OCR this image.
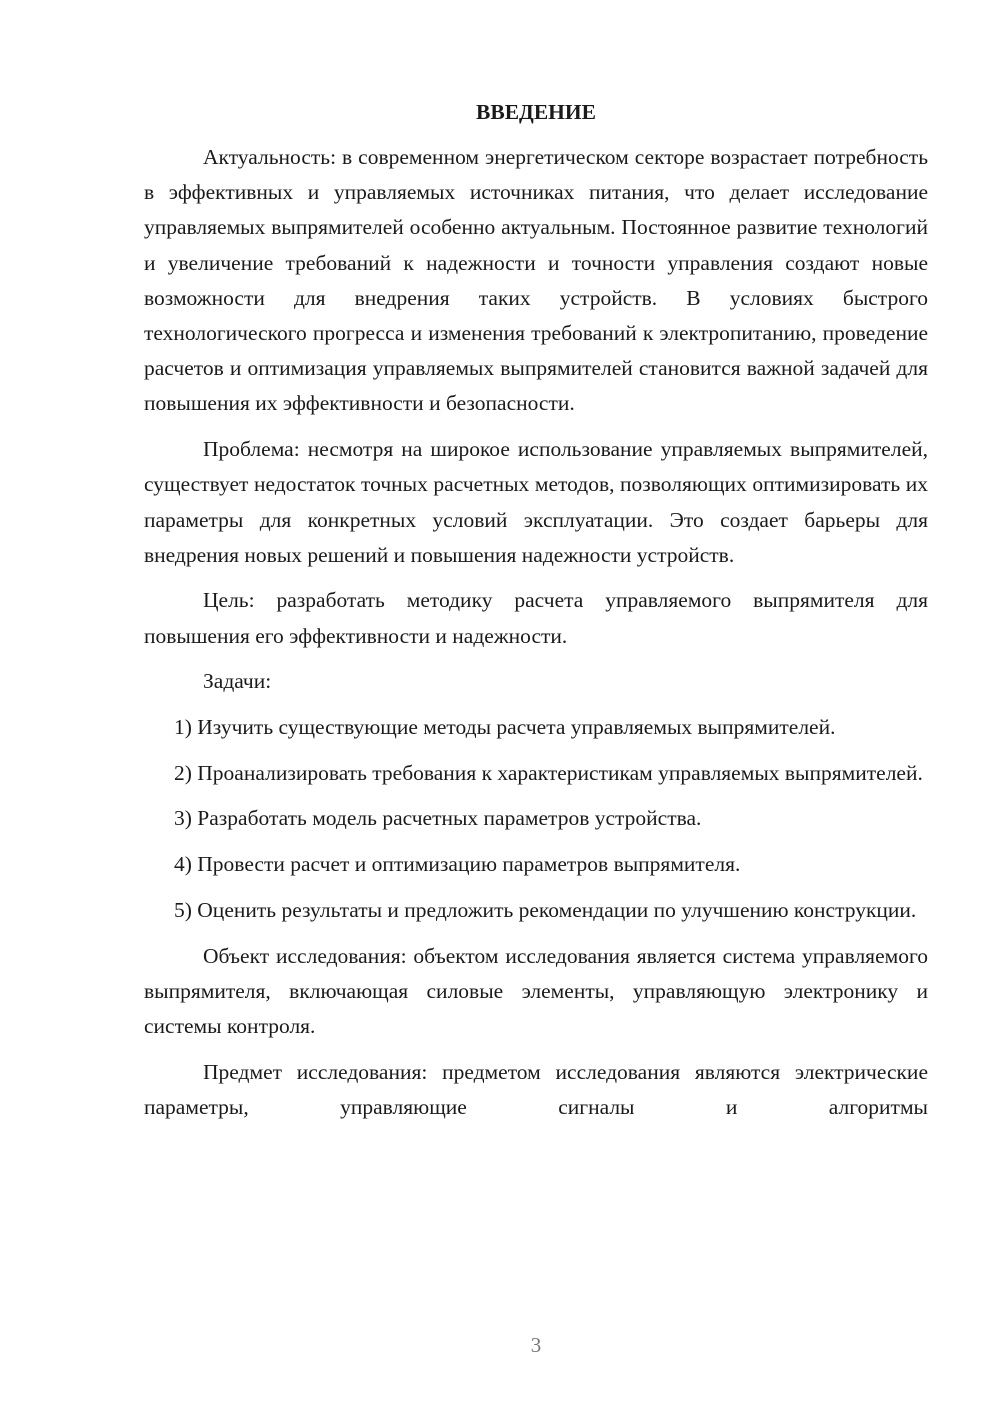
ВВЕДЕНИЕ

Актуальность: в современном энергетическом секторе возрастает потребность в эффективных и управляемых источниках питания, что делает исследование управляемых выпрямителей особенно актуальным. Постоянное развитие технологий и увеличение требований к надежности и точности управления создают новые возможности для внедрения таких устройств. В условиях быстрого технологического прогресса и изменения требований к электропитанию, проведение расчетов и оптимизация управляемых выпрямителей становится важной задачей для повышения их эффективности и безопасности.

Проблема: несмотря на широкое использование управляемых выпрямителей, существует недостаток точных расчетных методов, позволяющих оптимизировать их параметры для конкретных условий эксплуатации. Это создает барьеры для внедрения новых решений и повышения надежности устройств.

Цель: разработать методику расчета управляемого выпрямителя для повышения его эффективности и надежности.

Задачи:

1) Изучить существующие методы расчета управляемых выпрямителей.

2) Проанализировать требования к характеристикам управляемых выпрямителей.

3) Разработать модель расчетных параметров устройства.

4) Провести расчет и оптимизацию параметров выпрямителя.

5) Оценить результаты и предложить рекомендации по улучшению конструкции.

Объект исследования: объектом исследования является система управляемого выпрямителя, включающая силовые элементы, управляющую электронику и системы контроля.

Предмет исследования: предметом исследования являются электрические параметры, управляющие сигналы и алгоритмы

3
